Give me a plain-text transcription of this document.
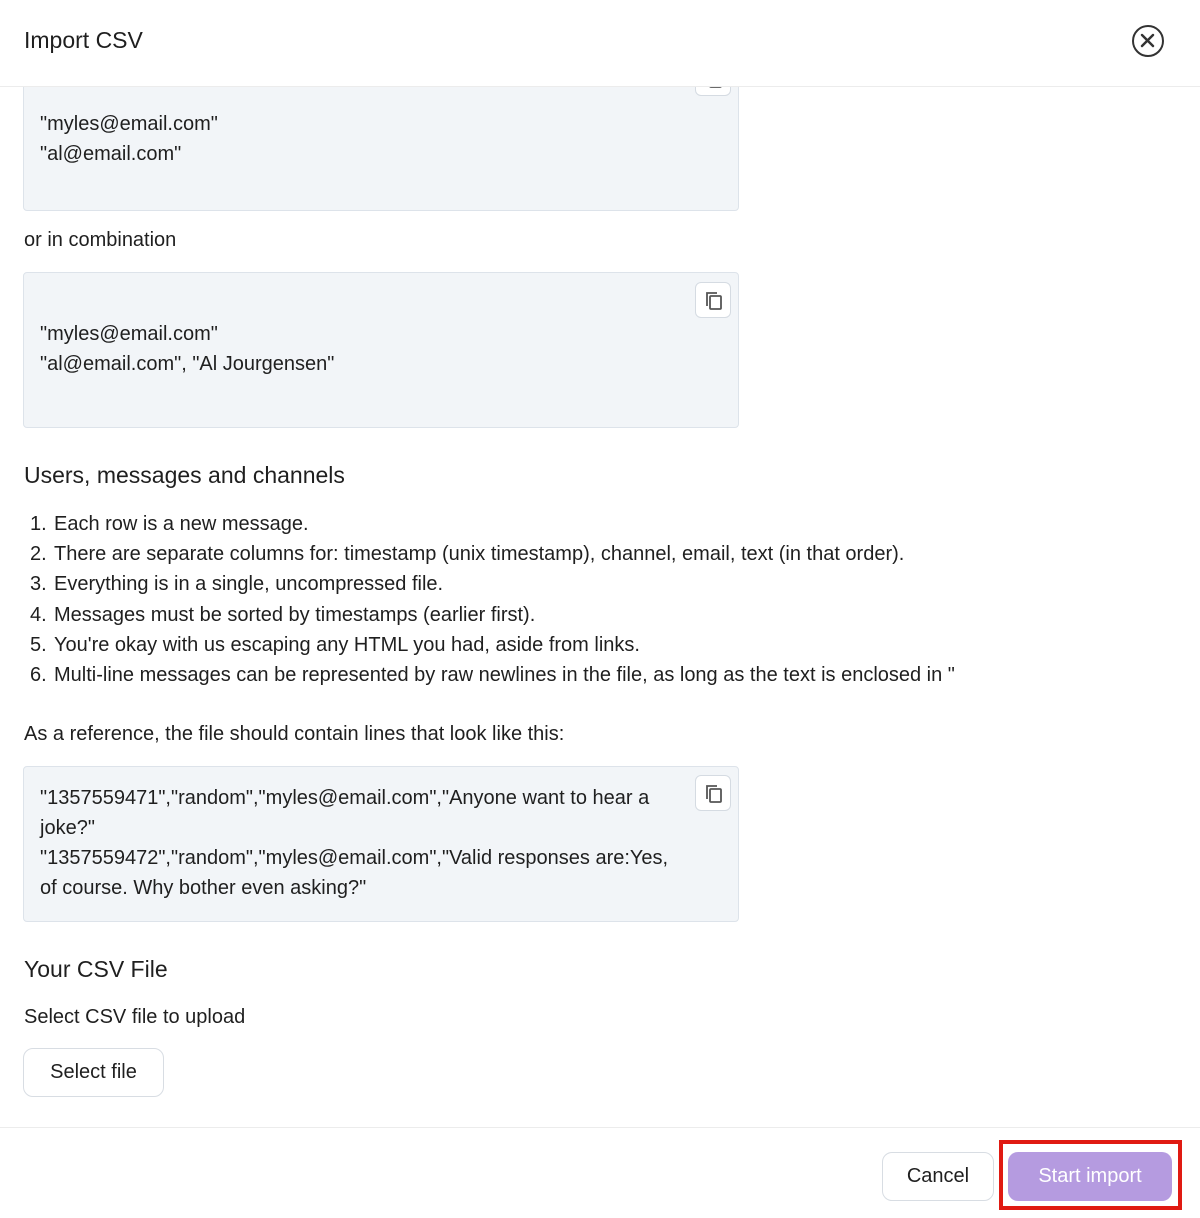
Import CSV
"myles@email.com"
"al@email.com"
or in combination
"myles@email.com"
"al@email.com", "Al Jourgensen"
Users, messages and channels
1. Each row is a new message.
2. There are separate columns for: timestamp (unix timestamp), channel, email, text (in that order).
3. Everything is in a single, uncompressed file.
4. Messages must be sorted by timestamps (earlier first).
5. You're okay with us escaping any HTML you had, aside from links.
6. Multi-line messages can be represented by raw newlines in the file, as long as the text is enclosed in "
As a reference, the file should contain lines that look like this:
"1357559471","random","myles@email.com","Anyone want to hear a
joke?"
"1357559472","random","myles@email.com","Valid responses are:Yes,
of course. Why bother even asking?"
Your CSV File
Select CSV file to upload
Select file
Cancel	Start import
